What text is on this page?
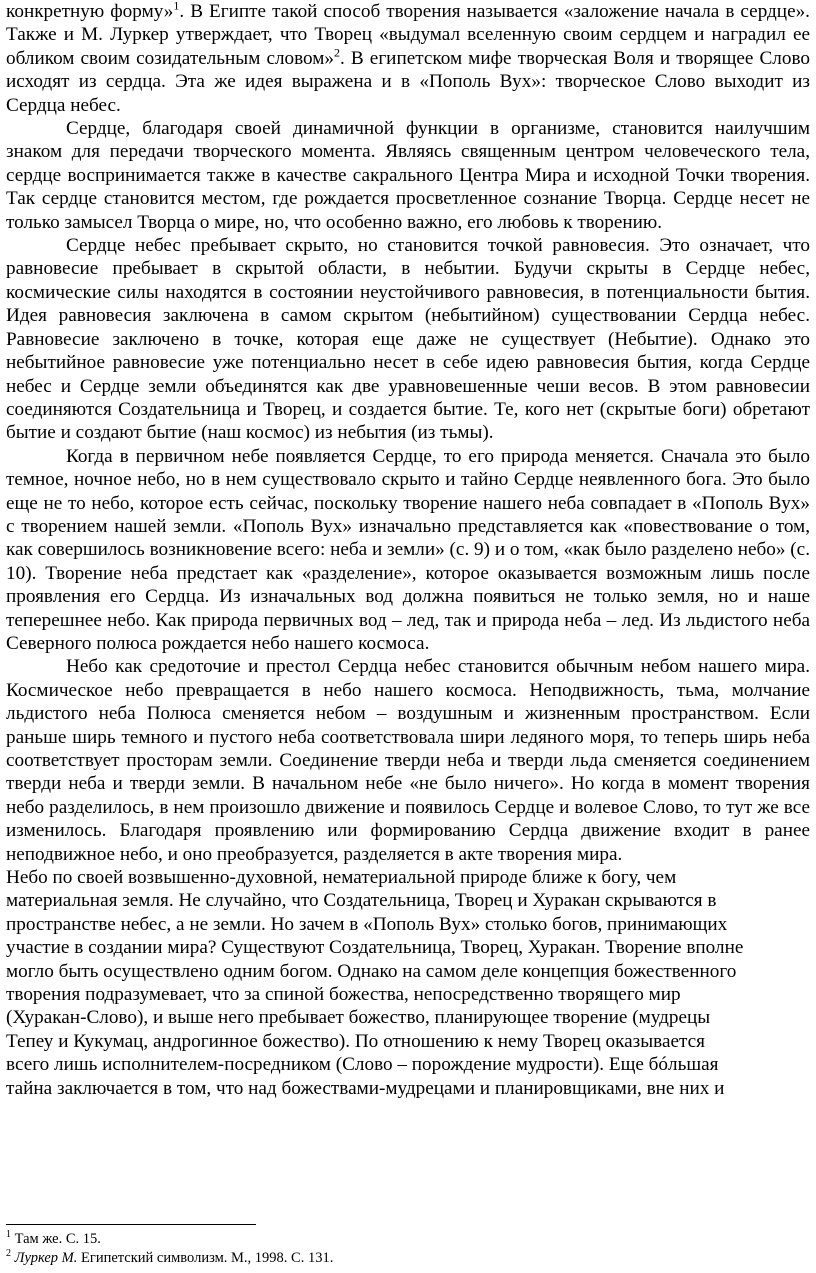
конкретную форму»$^1$. В Египте такой способ творения называется «заложение начала в сердце». Также и М. Луркер утверждает, что Творец «выдумал вселенную своим сердцем и наградил ее обликом своим созидательным словом»$^2$. В египетском мифе творческая Воля и творящее Слово исходят из сердца. Эта же идея выражена и в «Пополь Вух»: творческое Слово выходит из Сердца небес.

Сердце, благодаря своей динамичной функции в организме, становится наилучшим знаком для передачи творческого момента. Являясь священным центром человеческого тела, сердце воспринимается также в качестве сакрального Центра Мира и исходной Точки творения. Так сердце становится местом, где рождается просветленное сознание Творца. Сердце несет не только замысел Творца о мире, но, что особенно важно, его любовь к творению.

Сердце небес пребывает скрыто, но становится точкой равновесия. Это означает, что равновесие пребывает в скрытой области, в небытии. Будучи скрыты в Сердце небес, космические силы находятся в состоянии неустойчивого равновесия, в потенциальности бытия. Идея равновесия заключена в самом скрытом (небытийном) существовании Сердца небес. Равновесие заключено в точке, которая еще даже не существует (Небытие). Однако это небытийное равновесие уже потенциально несет в себе идею равновесия бытия, когда Сердце небес и Сердце земли объединятся как две уравновешенные чеши весов. В этом равновесии соединяются Создательница и Творец, и создается бытие. Те, кого нет (скрытые боги) обретают бытие и создают бытие (наш космос) из небытия (из тьмы).

Когда в первичном небе появляется Сердце, то его природа меняется. Сначала это было темное, ночное небо, но в нем существовало скрыто и тайно Сердце неявленного бога. Это было еще не то небо, которое есть сейчас, поскольку творение нашего неба совпадает в «Пополь Вух» с творением нашей земли. «Пополь Вух» изначально представляется как «повествование о том, как совершилось возникновение всего: неба и земли» (с. 9) и о том, «как было разделено небо» (с. 10). Творение неба предстает как «разделение», которое оказывается возможным лишь после проявления его Сердца. Из изначальных вод должна появиться не только земля, но и наше теперешнее небо. Как природа первичных вод – лед, так и природа неба – лед. Из льдистого неба Северного полюса рождается небо нашего космоса.

Небо как средоточие и престол Сердца небес становится обычным небом нашего мира. Космическое небо превращается в небо нашего космоса. Неподвижность, тьма, молчание льдистого неба Полюса сменяется небом – воздушным и жизненным пространством. Если раньше ширь темного и пустого неба соответствовала шири ледяного моря, то теперь ширь неба соответствует просторам земли. Соединение тверди неба и тверди льда сменяется соединением тверди неба и тверди земли. В начальном небе «не было ничего». Но когда в момент творения небо разделилось, в нем произошло движение и появилось Сердце и волевое Слово, то тут же все изменилось. Благодаря проявлению или формированию Сердца движение входит в ранее неподвижное небо, и оно преобразуется, разделяется в акте творения мира.

Небо по своей возвышенно-духовной, нематериальной природе ближе к богу, чем
материальная земля. Не случайно, что Создательница, Творец и Хуракан скрываются в
пространстве небес, а не земли. Но зачем в «Пополь Вух» столько богов, принимающих
участие в создании мира? Существуют Создательница, Творец, Хуракан. Творение вполне
могло быть осуществлено одним богом. Однако на самом деле концепция божественного
творения подразумевает, что за спиной божества, непосредственно творящего мир
(Хуракан-Слово), и выше него пребывает божество, планирующее творение (мудрецы
Тепеу и Кукумац, андрогинное божество). По отношению к нему Творец оказывается
всего лишь исполнителем-посредником (Слово – порождение мудрости). Еще бóльшая
тайна заключается в том, что над божествами-мудрецами и планировщиками, вне них и

$^1$ Там же. С. 15.

$^2$ Луркер М. Египетский символизм. М., 1998. С. 131.
